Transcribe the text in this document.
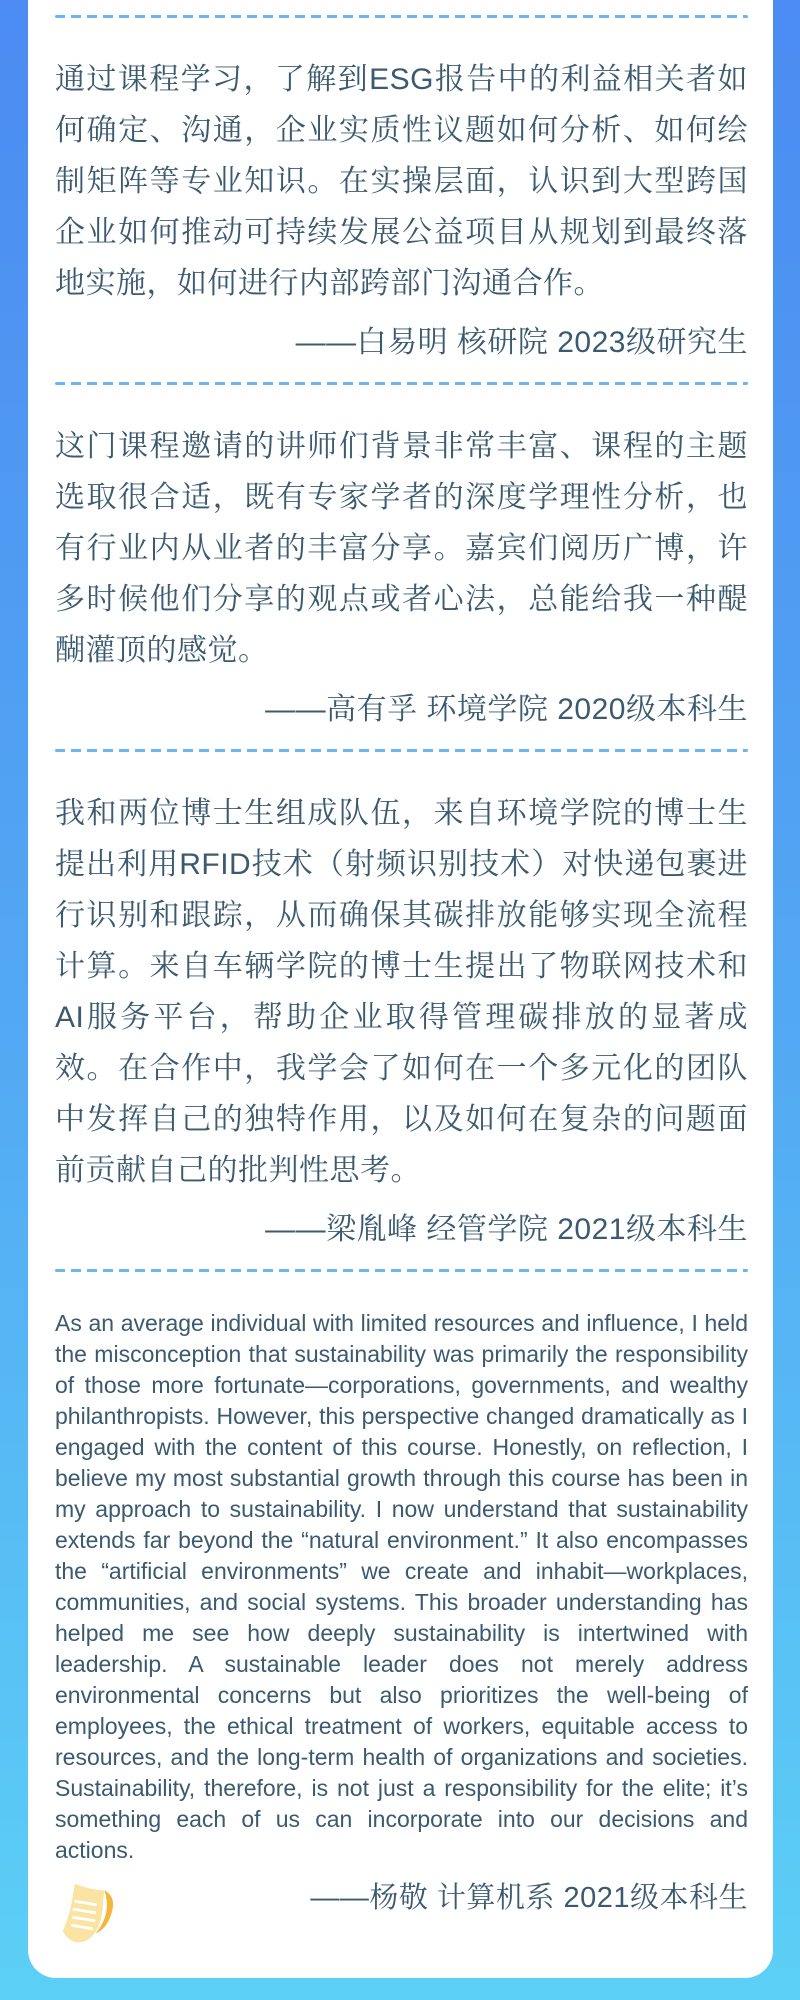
通过课程学习，了解到ESG报告中的利益相关者如何确定、沟通，企业实质性议题如何分析、如何绘制矩阵等专业知识。在实操层面，认识到大型跨国企业如何推动可持续发展公益项目从规划到最终落地实施，如何进行内部跨部门沟通合作。

——白易明 核研院 2023级研究生

这门课程邀请的讲师们背景非常丰富、课程的主题选取很合适，既有专家学者的深度学理性分析，也有行业内从业者的丰富分享。嘉宾们阅历广博，许多时候他们分享的观点或者心法，总能给我一种醍醐灌顶的感觉。

——高有孚 环境学院 2020级本科生

我和两位博士生组成队伍，来自环境学院的博士生提出利用RFID技术（射频识别技术）对快递包裹进行识别和跟踪，从而确保其碳排放能够实现全流程计算。来自车辆学院的博士生提出了物联网技术和AI服务平台，帮助企业取得管理碳排放的显著成效。在合作中，我学会了如何在一个多元化的团队中发挥自己的独特作用，以及如何在复杂的问题面前贡献自己的批判性思考。

——梁胤峰 经管学院 2021级本科生

As an average individual with limited resources and influence, I held the misconception that sustainability was primarily the responsibility of those more fortunate—corporations, governments, and wealthy philanthropists. However, this perspective changed dramatically as I engaged with the content of this course. Honestly, on reflection, I believe my most substantial growth through this course has been in my approach to sustainability. I now understand that sustainability extends far beyond the “natural environment.” It also encompasses the “artificial environments” we create and inhabit—workplaces, communities, and social systems. This broader understanding has helped me see how deeply sustainability is intertwined with leadership. A sustainable leader does not merely address environmental concerns but also prioritizes the well-being of employees, the ethical treatment of workers, equitable access to resources, and the long-term health of organizations and societies. Sustainability, therefore, is not just a responsibility for the elite; it’s something each of us can incorporate into our decisions and actions.

——杨敬 计算机系 2021级本科生
